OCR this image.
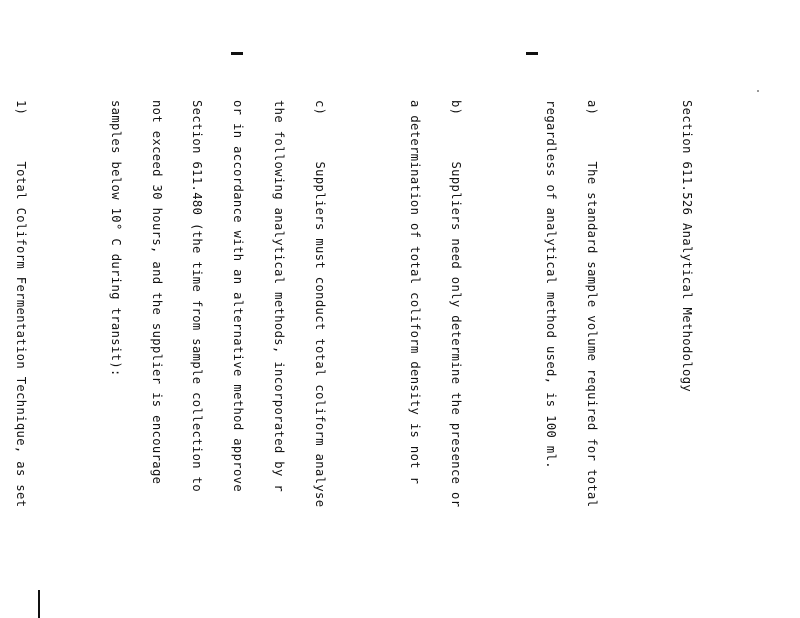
Section 611.526 Analytical Methodology

a)      The standard sample volume required for total

regardless of analytical method used, is 100 ml.

b)      Suppliers need only determine the presence or

a determination of total coliform density is not r

c)      Suppliers must conduct total coliform analyse

the following analytical methods, incorporated by r

or in accordance with an alternative method approve

Section 611.480 (the time from sample collection to

not exceed 30 hours, and the supplier is encourage

samples below 10° C during transit):

1)      Total Coliform Fermentation Technique, as set
